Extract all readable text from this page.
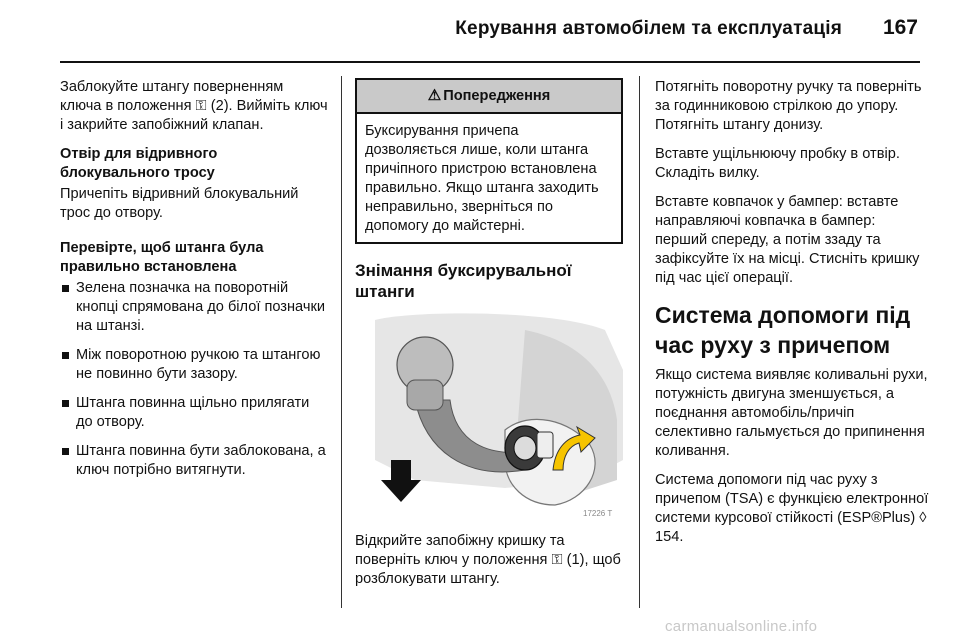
Керування автомобілем та експлуатація 167

Заблокуйте штангу поверненням ключа в положення ⚿ (2). Вийміть ключ і закрийте запобіжний клапан.

Отвір для відривного блокувального тросу

Причепіть відривний блокувальний трос до отвору.

Перевірте, щоб штанга була правильно встановлена
Зелена позначка на поворотній кнопці спрямована до білої позначки на штанзі.
Між поворотною ручкою та штангою не повинно бути зазору.
Штанга повинна щільно прилягати до отвору.
Штанга повинна бути заблокована, а ключ потрібно витягнути.
⚠ Попередження
Буксирування причепа дозволяється лише, коли штанга причіпного пристрою встановлена правильно. Якщо штанга заходить неправильно, зверніться по допомогу до майстерні.
Знімання буксирувальної штанги
17226 T

Відкрийте запобіжну кришку та поверніть ключ у положення ⚿ (1), щоб розблокувати штангу.

Потягніть поворотну ручку та поверніть за годинниковою стрілкою до упору. Потягніть штангу донизу.

Вставте ущільнюючу пробку в отвір. Складіть вилку.

Вставте ковпачок у бампер: вставте направляючі ковпачка в бампер: перший спереду, а потім ззаду та зафіксуйте їх на місці. Стисніть кришку під час цієї операції.

Система допомоги під час руху з причепом

Якщо система виявляє коливальні рухи, потужність двигуна зменшується, а поєднання автомобіль/причіп селективно гальмується до припинення коливання.

Система допомоги під час руху з причепом (TSA) є функцією електронної системи курсової стійкості (ESP®Plus) ◊ 154.

carmanualsonline.info
